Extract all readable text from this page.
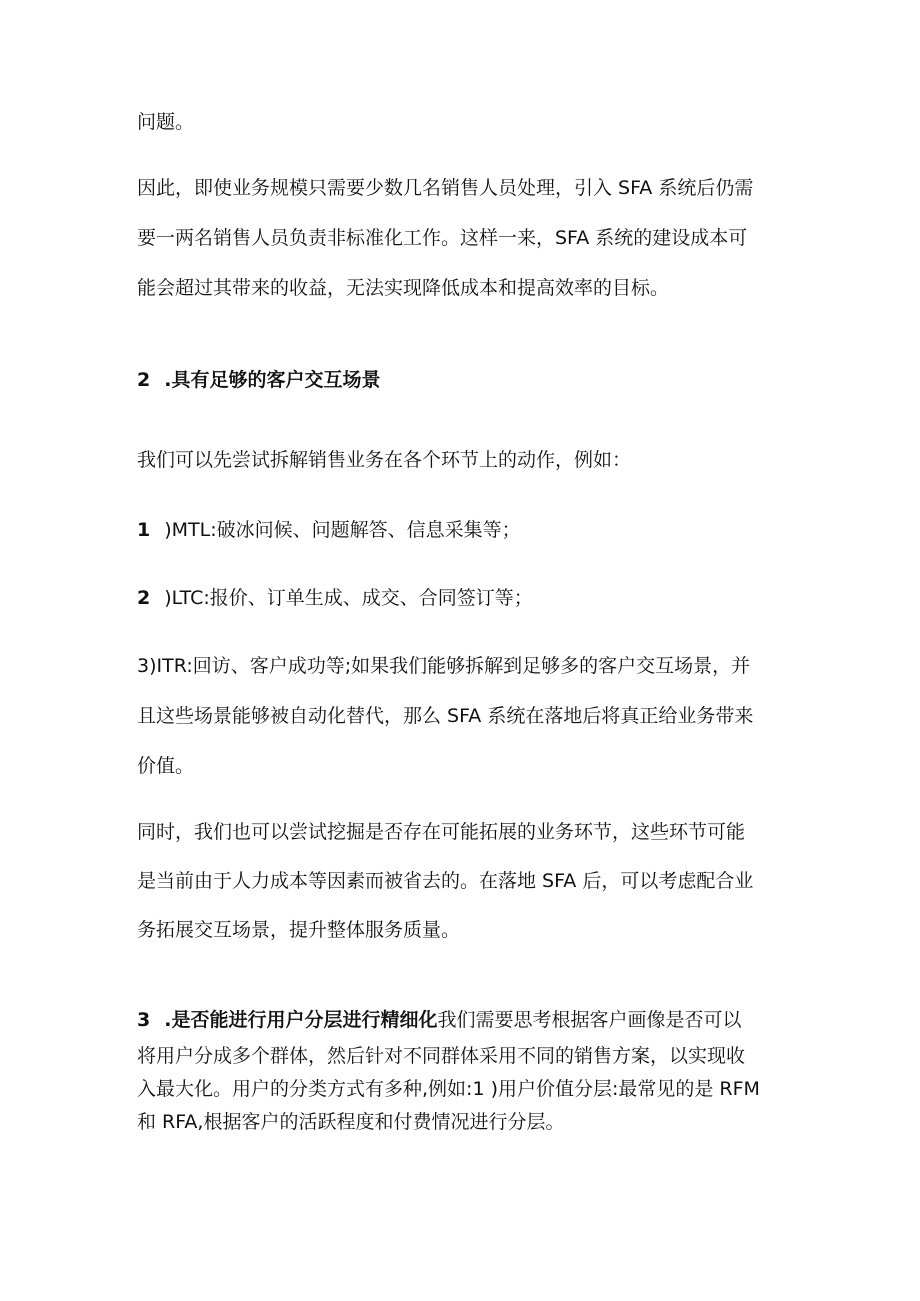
问题。

因此，即使业务规模只需要少数几名销售人员处理，引入 SFA 系统后仍需

要一两名销售人员负责非标准化工作。这样一来，SFA 系统的建设成本可

能会超过其带来的收益，无法实现降低成本和提高效率的目标。

2 .具有足够的客户交互场景

我们可以先尝试拆解销售业务在各个环节上的动作，例如：

1 )MTL:破冰问候、问题解答、信息采集等；

2 )LTC:报价、订单生成、成交、合同签订等；

3)ITR:回访、客户成功等;如果我们能够拆解到足够多的客户交互场景，并

且这些场景能够被自动化替代，那么 SFA 系统在落地后将真正给业务带来

价值。

同时，我们也可以尝试挖掘是否存在可能拓展的业务环节，这些环节可能

是当前由于人力成本等因素而被省去的。在落地 SFA 后，可以考虑配合业

务拓展交互场景，提升整体服务质量。

3 .是否能进行用户分层进行精细化我们需要思考根据客户画像是否可以

将用户分成多个群体，然后针对不同群体采用不同的销售方案，以实现收

入最大化。用户的分类方式有多种,例如:1 )用户价值分层:最常见的是 RFM

和 RFA,根据客户的活跃程度和付费情况进行分层。
